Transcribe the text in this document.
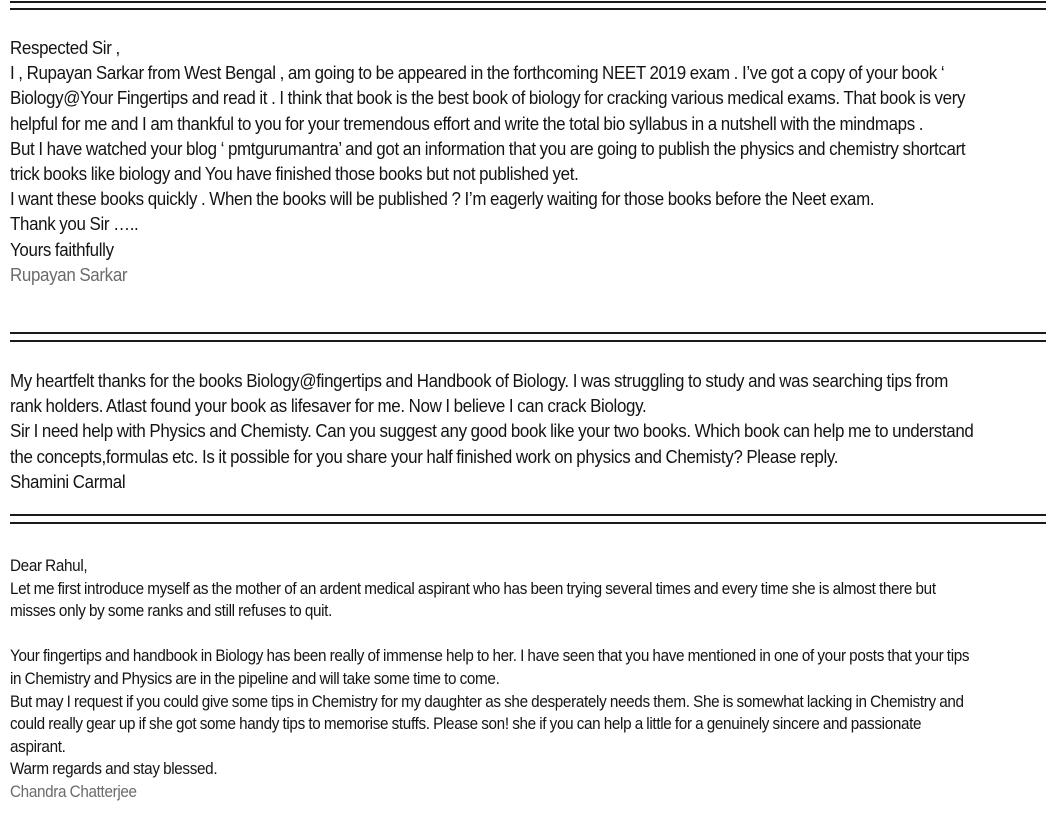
Respected Sir ,

I , Rupayan Sarkar from West Bengal , am going to be appeared in the forthcoming NEET 2019 exam . I’ve got a copy of your book ‘ Biology@Your Fingertips and read it . I think that book is the best book of biology for cracking various medical exams. That book is very helpful for me and I am thankful to you for your tremendous effort and write the total bio syllabus in a nutshell with the mindmaps .

But I have watched your blog ‘ pmtgurumantra’ and got an information that you are going to publish the physics and chemistry shortcart trick books like biology and You have finished those books but not published yet.

I want these books quickly . When the books will be published ? I’m eagerly waiting for those books before the Neet exam.

Thank you Sir …..

Yours faithfully

Rupayan Sarkar

My heartfelt thanks for the books Biology@fingertips and Handbook of Biology. I was struggling to study and was searching tips from rank holders. Atlast found your book as lifesaver for me. Now I believe I can crack Biology.

Sir I need help with Physics and Chemisty. Can you suggest any good book like your two books. Which book can help me to understand the concepts,formulas etc. Is it possible for you share your half finished work on physics and Chemisty? Please reply.

Shamini Carmal

Dear Rahul,

Let me first introduce myself as the mother of an ardent medical aspirant who has been trying several times and every time she is almost there but misses only by some ranks and still refuses to quit.

Your fingertips and handbook in Biology has been really of immense help to her. I have seen that you have mentioned in one of your posts that your tips in Chemistry and Physics are in the pipeline and will take some time to come.

But may I request if you could give some tips in Chemistry for my daughter as she desperately needs them. She is somewhat lacking in Chemistry and could really gear up if she got some handy tips to memorise stuffs. Please son! she if you can help a little for a genuinely sincere and passionate aspirant.

Warm regards and stay blessed.

Chandra Chatterjee
